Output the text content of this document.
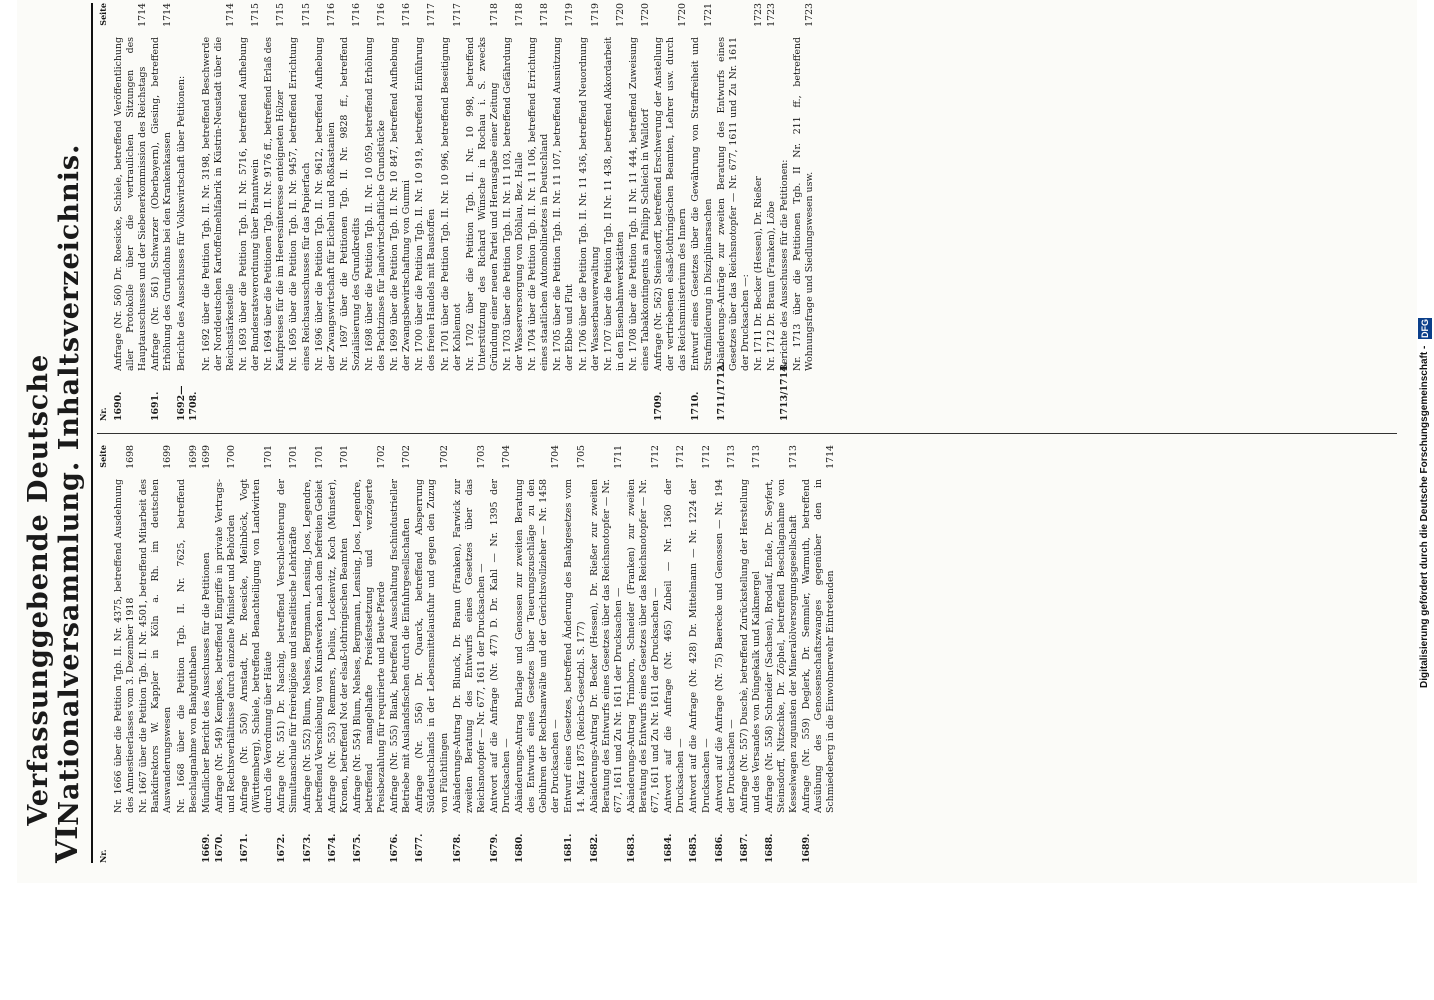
VI
Verfassunggebende Deutsche Nationalversammlung. Inhaltsverzeichnis.
Nr.
Seite
Nr. 1666 über die Petition Tgb. II. Nr. 4375, betreffend Ausdehnung des Amnestieerlasses vom 3. Dezember 1918
1698
Nr. 1667 über die Petition Tgb. II. Nr. 4501, betreffend Mitarbeit des Bankdirektors W. Kappler in Köln a. Rh. im deutschen Auswanderungswesen
1699
Nr. 1668 über die Petition Tgb. II. Nr. 7625, betreffend Beschlagnahme von Bankguthaben
1699
1669.
Mündlicher Bericht des Ausschusses für die Petitionen
1699
1670.
Anfrage (Nr. 549) Kempkes, betreffend Eingriffe in private Vertrags- und Rechtsverhältnisse durch einzelne Minister und Behörden
1700
1671.
Anfrage (Nr. 550) Arnstadt, Dr. Roesicke, Meilnböck, Vogt (Württemberg), Schiele, betreffend Benachteiligung von Landwirten durch die Verordnung über Häute
1701
1672.
Anfrage (Nr. 551) Dr. Naschig, betreffend Verschlechterung der Simultanschule für freireligiöse und israelitische Lehrkräfte
1701
1673.
Anfrage (Nr. 552) Blum, Nehses, Bergmann, Lensing, Joos, Legendre, betreffend Verschiebung von Kunstwerken nach dem befreiten Gebiet
1701
1674.
Anfrage (Nr. 553) Remmers, Delius, Lockenvitz, Koch (Münster), Kronen, betreffend Not der elsaß-lothringischen Beamten
1701
1675.
Anfrage (Nr. 554) Blum, Nehses, Bergmann, Lensing, Joos, Legendre, betreffend mangelhafte Preisfestsetzung und verzögerte Preisbezahlung für requirierte und Beute-Pferde
1702
1676.
Anfrage (Nr. 555) Blank, betreffend Ausschaltung fischindustrieller Betriebe mit Auslandsfischen durch die Einfuhrgesellschaften
1702
1677.
Anfrage (Nr. 556) Dr. Quarck, betreffend Absperrung Süddeutschlands in der Lebensmittelausfuhr und gegen den Zuzug von Flüchtlingen
1702
1678.
Abänderungs-Antrag Dr. Blunck, Dr. Braun (Franken), Farwick zur zweiten Beratung des Entwurfs eines Gesetzes über das Reichsnotopfer — Nr. 677, 1611 der Drucksachen —
1703
1679.
Antwort auf die Anfrage (Nr. 477) D. Dr. Kahl — Nr. 1395 der Drucksachen —
1704
1680.
Abänderungs-Antrag Burlage und Genossen zur zweiten Beratung des Entwurfs eines Gesetzes über Teuerungszuschläge zu den Gebühren der Rechtsanwälte und der Gerichtsvollzieher — Nr. 1458 der Drucksachen —
1704
1681.
Entwurf eines Gesetzes, betreffend Änderung des Bankgesetzes vom 14. März 1875 (Reichs-Gesetzbl. S. 177)
1705
1682.
Abänderungs-Antrag Dr. Becker (Hessen), Dr. Rießer zur zweiten Beratung des Entwurfs eines Gesetzes über das Reichsnotopfer — Nr. 677, 1611 und Zu Nr. 1611 der Drucksachen —
1711
1683.
Abänderungs-Antrag Trimborn, Schneider (Franken) zur zweiten Beratung des Entwurfs eines Gesetzes über das Reichsnotopfer — Nr. 677, 1611 und Zu Nr. 1611 der Drucksachen —
1712
1684.
Antwort auf die Anfrage (Nr. 465) Zubeil — Nr. 1360 der Drucksachen —
1712
1685.
Antwort auf die Anfrage (Nr. 428) Dr. Mittelmann — Nr. 1224 der Drucksachen —
1712
1686.
Antwort auf die Anfrage (Nr. 75) Baerecke und Genossen — Nr. 194 der Drucksachen —
1713
1687.
Anfrage (Nr. 557) Duschè, betreffend Zurückstellung der Herstellung und des Versandes von Düngekalk und Kalkmergel
1713
1688.
Anfrage (Nr. 558) Schneider (Sachsen), Brodauf, Ende, Dr. Seyfert, Steinsdorff, Nitzschke, Dr. Zöphel, betreffend Beschlagnahme von Kesselwagen zugunsten der Mineralölversorgungsgesellschaft
1713
1689.
Anfrage (Nr. 559) Deglerk, Dr. Semmler, Warmuth, betreffend Ausübung des Genossenschaftszwanges gegenüber den in Schmiedeberg in die Einwohnerwehr Eintretenden
1714
Nr.
Seite
1690.
Anfrage (Nr. 560) Dr. Roesicke, Schiele, betreffend Veröffentlichung aller Protokolle über die vertraulichen Sitzungen des Hauptausschusses und der Siebenerkommission des Reichstags
1714
1691.
Anfrage (Nr. 561) Schwarzer (Oberbayern), Giesing, betreffend Erhöhung des Grundlohns bei den Krankenkassen
1714
1692—1708.
Berichte des Ausschusses für Volkswirtschaft über Petitionen:	Nr. 1692 über die Petition Tgb. II. Nr. 3198, betreffend Beschwerde der Norddeutschen Kartoffelmehlfabrik in Küstrin-Neustadt über die Reichsstärkestelle
1714
Nr. 1693 über die Petition Tgb. II. Nr. 5716, betreffend Aufhebung der Bundesratsverordnung über Branntwein
1715
Nr. 1694 über die Petitionen Tgb. II. Nr. 9176 ff., betreffend Erlaß des Kaufpreises für die im Heeresinteresse enteigneten Hölzer
1715
Nr. 1695 über die Petition Tgb. II. Nr. 9457, betreffend Errichtung eines Reichsausschusses für das Papierfach
1715
Nr. 1696 über die Petition Tgb. II. Nr. 9612, betreffend Aufhebung der Zwangswirtschaft für Eicheln und Roßkastanien
1716
Nr. 1697 über die Petitionen Tgb. II. Nr. 9828 ff., betreffend Sozialisierung des Grundkredits
1716
Nr. 1698 über die Petition Tgb. II. Nr. 10 059, betreffend Erhöhung des Pachtzinses für landwirtschaftliche Grundstücke
1716
Nr. 1699 über die Petition Tgb. II. Nr. 10 847, betreffend Aufhebung der Zwangsbewirtschaftung von Gummi
1716
Nr. 1700 über die Petition Tgb. II. Nr. 10 919, betreffend Einführung des freien Handels mit Baustoffen
1717
Nr. 1701 über die Petition Tgb. II. Nr. 10 996, betreffend Beseitigung der Kohlennot
1717
Nr. 1702 über die Petition Tgb. II. Nr. 10 998, betreffend Unterstützung des Richard Wünsche in Rochau i. S. zwecks Gründung einer neuen Partei und Herausgabe einer Zeitung
1718
Nr. 1703 über die Petition Tgb. II. Nr. 11 103, betreffend Gefährdung der Wasserversorgung von Döhlau, Bez. Halle
1718
Nr. 1704 über die Petition Tgb. II. Nr. 11 106, betreffend Errichtung eines staatlichen Automobilnetzes in Deutschland
1718
Nr. 1705 über die Petition Tgb. II. Nr. 11 107, betreffend Ausnützung der Ebbe und Flut
1719
Nr. 1706 über die Petition Tgb. II. Nr. 11 436, betreffend Neuordnung der Wasserbauverwaltung
1719
Nr. 1707 über die Petition Tgb. II Nr. 11 438, betreffend Akkordarbeit in den Eisenbahnwerkstätten
1720
Nr. 1708 über die Petition Tgb. II Nr. 11 444, betreffend Zuweisung eines Tabakkontingents an Philipp Schleich in Walldorf
1720
1709.
Anfrage (Nr. 562) Steinsdorff, betreffend Erschwerung der Anstellung der vertriebenen elsaß-lothringischen Beamten, Lehrer usw. durch das Reichsministerium des Innern
1720
1710.
Entwurf eines Gesetzes über die Gewährung von Straffreiheit und Strafmilderung in Disziplinarsachen
1721
1711/1712.
Abänderungs-Anträge zur zweiten Beratung des Entwurfs eines Gesetzes über das Reichsnotopfer — Nr. 677, 1611 und Zu Nr. 1611 der Drucksachen —: Nr. 1711 Dr. Becker (Hessen), Dr. Rießer
1723
Nr. 1712 Dr. Braun (Franken), Löbe
1723
1713/1714.
Berichte des Ausschusses für die Petitionen: Nr. 1713 über die Petitionen Tgb. II Nr. 211 ff., betreffend Wohnungsfrage und Siedlungswesen usw.
1723
Digitalisierung gefördert durch die Deutsche Forschungsgemeinschaft - DFG
